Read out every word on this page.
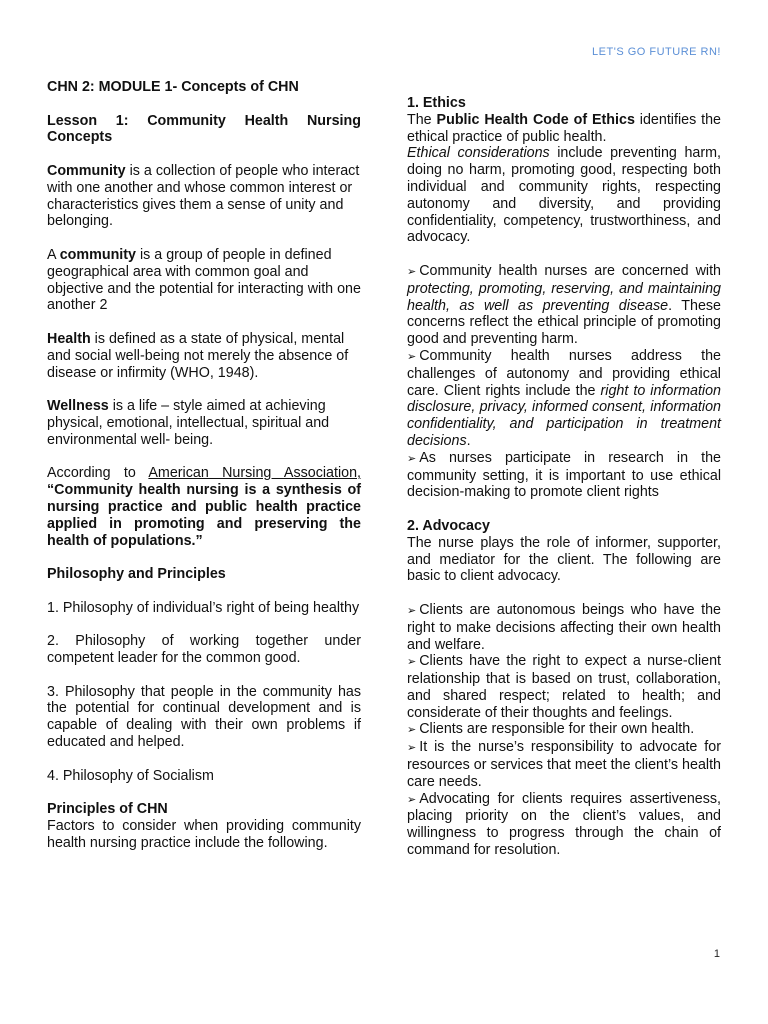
LET'S GO FUTURE RN!

CHN 2: MODULE 1- Concepts of CHN

Lesson 1: Community Health Nursing Concepts

Community is a collection of people who interact with one another and whose common interest or characteristics gives them a sense of unity and belonging.

A community is a group of people in defined geographical area with common goal and objective and the potential for interacting with one another 2

Health is defined as a state of physical, mental and social well-being not merely the absence of disease or infirmity (WHO, 1948).

Wellness is a life – style aimed at achieving physical, emotional, intellectual, spiritual and environmental well- being.

According to American Nursing Association, “Community health nursing is a synthesis of nursing practice and public health practice applied in promoting and preserving the health of populations.”

Philosophy and Principles

1. Philosophy of individual’s right of being healthy

2. Philosophy of working together under competent leader for the common good.

3. Philosophy that people in the community has the potential for continual development and is capable of dealing with their own problems if educated and helped.

4. Philosophy of Socialism

Principles of CHN

Factors to consider when providing community health nursing practice include the following.

1. Ethics
The Public Health Code of Ethics identifies the ethical practice of public health.

Ethical considerations include preventing harm, doing no harm, promoting good, respecting both individual and community rights, respecting autonomy and diversity, and providing confidentiality, competency, trustworthiness, and advocacy.

➢ Community health nurses are concerned with protecting, promoting, reserving, and maintaining health, as well as preventing disease. These concerns reflect the ethical principle of promoting good and preventing harm.
➢ Community health nurses address the challenges of autonomy and providing ethical care. Client rights include the right to information disclosure, privacy, informed consent, information confidentiality, and participation in treatment decisions.
➢ As nurses participate in research in the community setting, it is important to use ethical decision-making to promote client rights
2. Advocacy

The nurse plays the role of informer, supporter, and mediator for the client. The following are basic to client advocacy.

➢ Clients are autonomous beings who have the right to make decisions affecting their own health and welfare.
➢ Clients have the right to expect a nurse-client relationship that is based on trust, collaboration, and shared respect; related to health; and considerate of their thoughts and feelings.
➢ Clients are responsible for their own health.
➢ It is the nurse’s responsibility to advocate for resources or services that meet the client’s health care needs.
➢ Advocating for clients requires assertiveness, placing priority on the client’s values, and willingness to progress through the chain of command for resolution.
1
